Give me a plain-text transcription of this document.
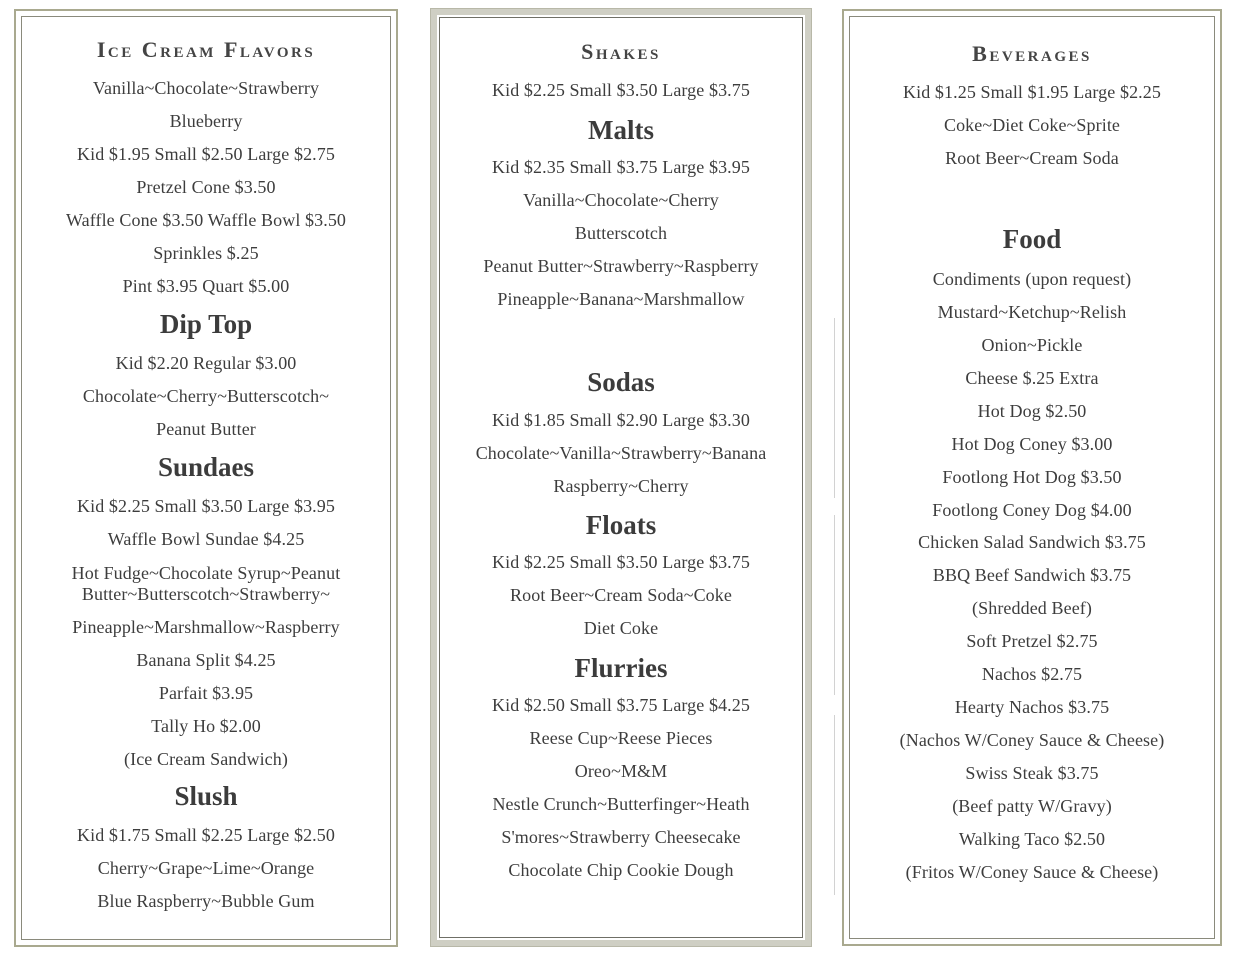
Ice Cream Flavors
Vanilla~Chocolate~Strawberry
Blueberry
Kid $1.95 Small $2.50 Large $2.75
Pretzel Cone $3.50
Waffle Cone $3.50 Waffle Bowl $3.50
Sprinkles $.25
Pint $3.95 Quart $5.00
Dip Top
Kid $2.20 Regular $3.00
Chocolate~Cherry~Butterscotch~
Peanut Butter
Sundaes
Kid $2.25 Small $3.50 Large $3.95
Waffle Bowl Sundae $4.25
Hot Fudge~Chocolate Syrup~Peanut
Butter~Butterscotch~Strawberry~
Pineapple~Marshmallow~Raspberry
Banana Split $4.25
Parfait $3.95
Tally Ho $2.00
(Ice Cream Sandwich)
Slush
Kid $1.75 Small $2.25 Large $2.50
Cherry~Grape~Lime~Orange
Blue Raspberry~Bubble Gum
Shakes
Kid $2.25 Small $3.50 Large $3.75
Malts
Kid $2.35 Small $3.75 Large $3.95
Vanilla~Chocolate~Cherry
Butterscotch
Peanut Butter~Strawberry~Raspberry
Pineapple~Banana~Marshmallow
Sodas
Kid $1.85 Small $2.90 Large $3.30
Chocolate~Vanilla~Strawberry~Banana
Raspberry~Cherry
Floats
Kid $2.25 Small $3.50 Large $3.75
Root Beer~Cream Soda~Coke
Diet Coke
Flurries
Kid $2.50 Small $3.75 Large $4.25
Reese Cup~Reese Pieces
Oreo~M&M
Nestle Crunch~Butterfinger~Heath
S'mores~Strawberry Cheesecake
Chocolate Chip Cookie Dough
Beverages
Kid $1.25 Small $1.95 Large $2.25
Coke~Diet Coke~Sprite
Root Beer~Cream Soda
Food
Condiments (upon request)
Mustard~Ketchup~Relish
Onion~Pickle
Cheese $.25 Extra
Hot Dog $2.50
Hot Dog Coney $3.00
Footlong Hot Dog $3.50
Footlong Coney Dog $4.00
Chicken Salad Sandwich $3.75
BBQ Beef Sandwich $3.75
(Shredded Beef)
Soft Pretzel $2.75
Nachos $2.75
Hearty Nachos $3.75
(Nachos W/Coney Sauce & Cheese)
Swiss Steak $3.75
(Beef patty W/Gravy)
Walking Taco $2.50
(Fritos W/Coney Sauce & Cheese)
